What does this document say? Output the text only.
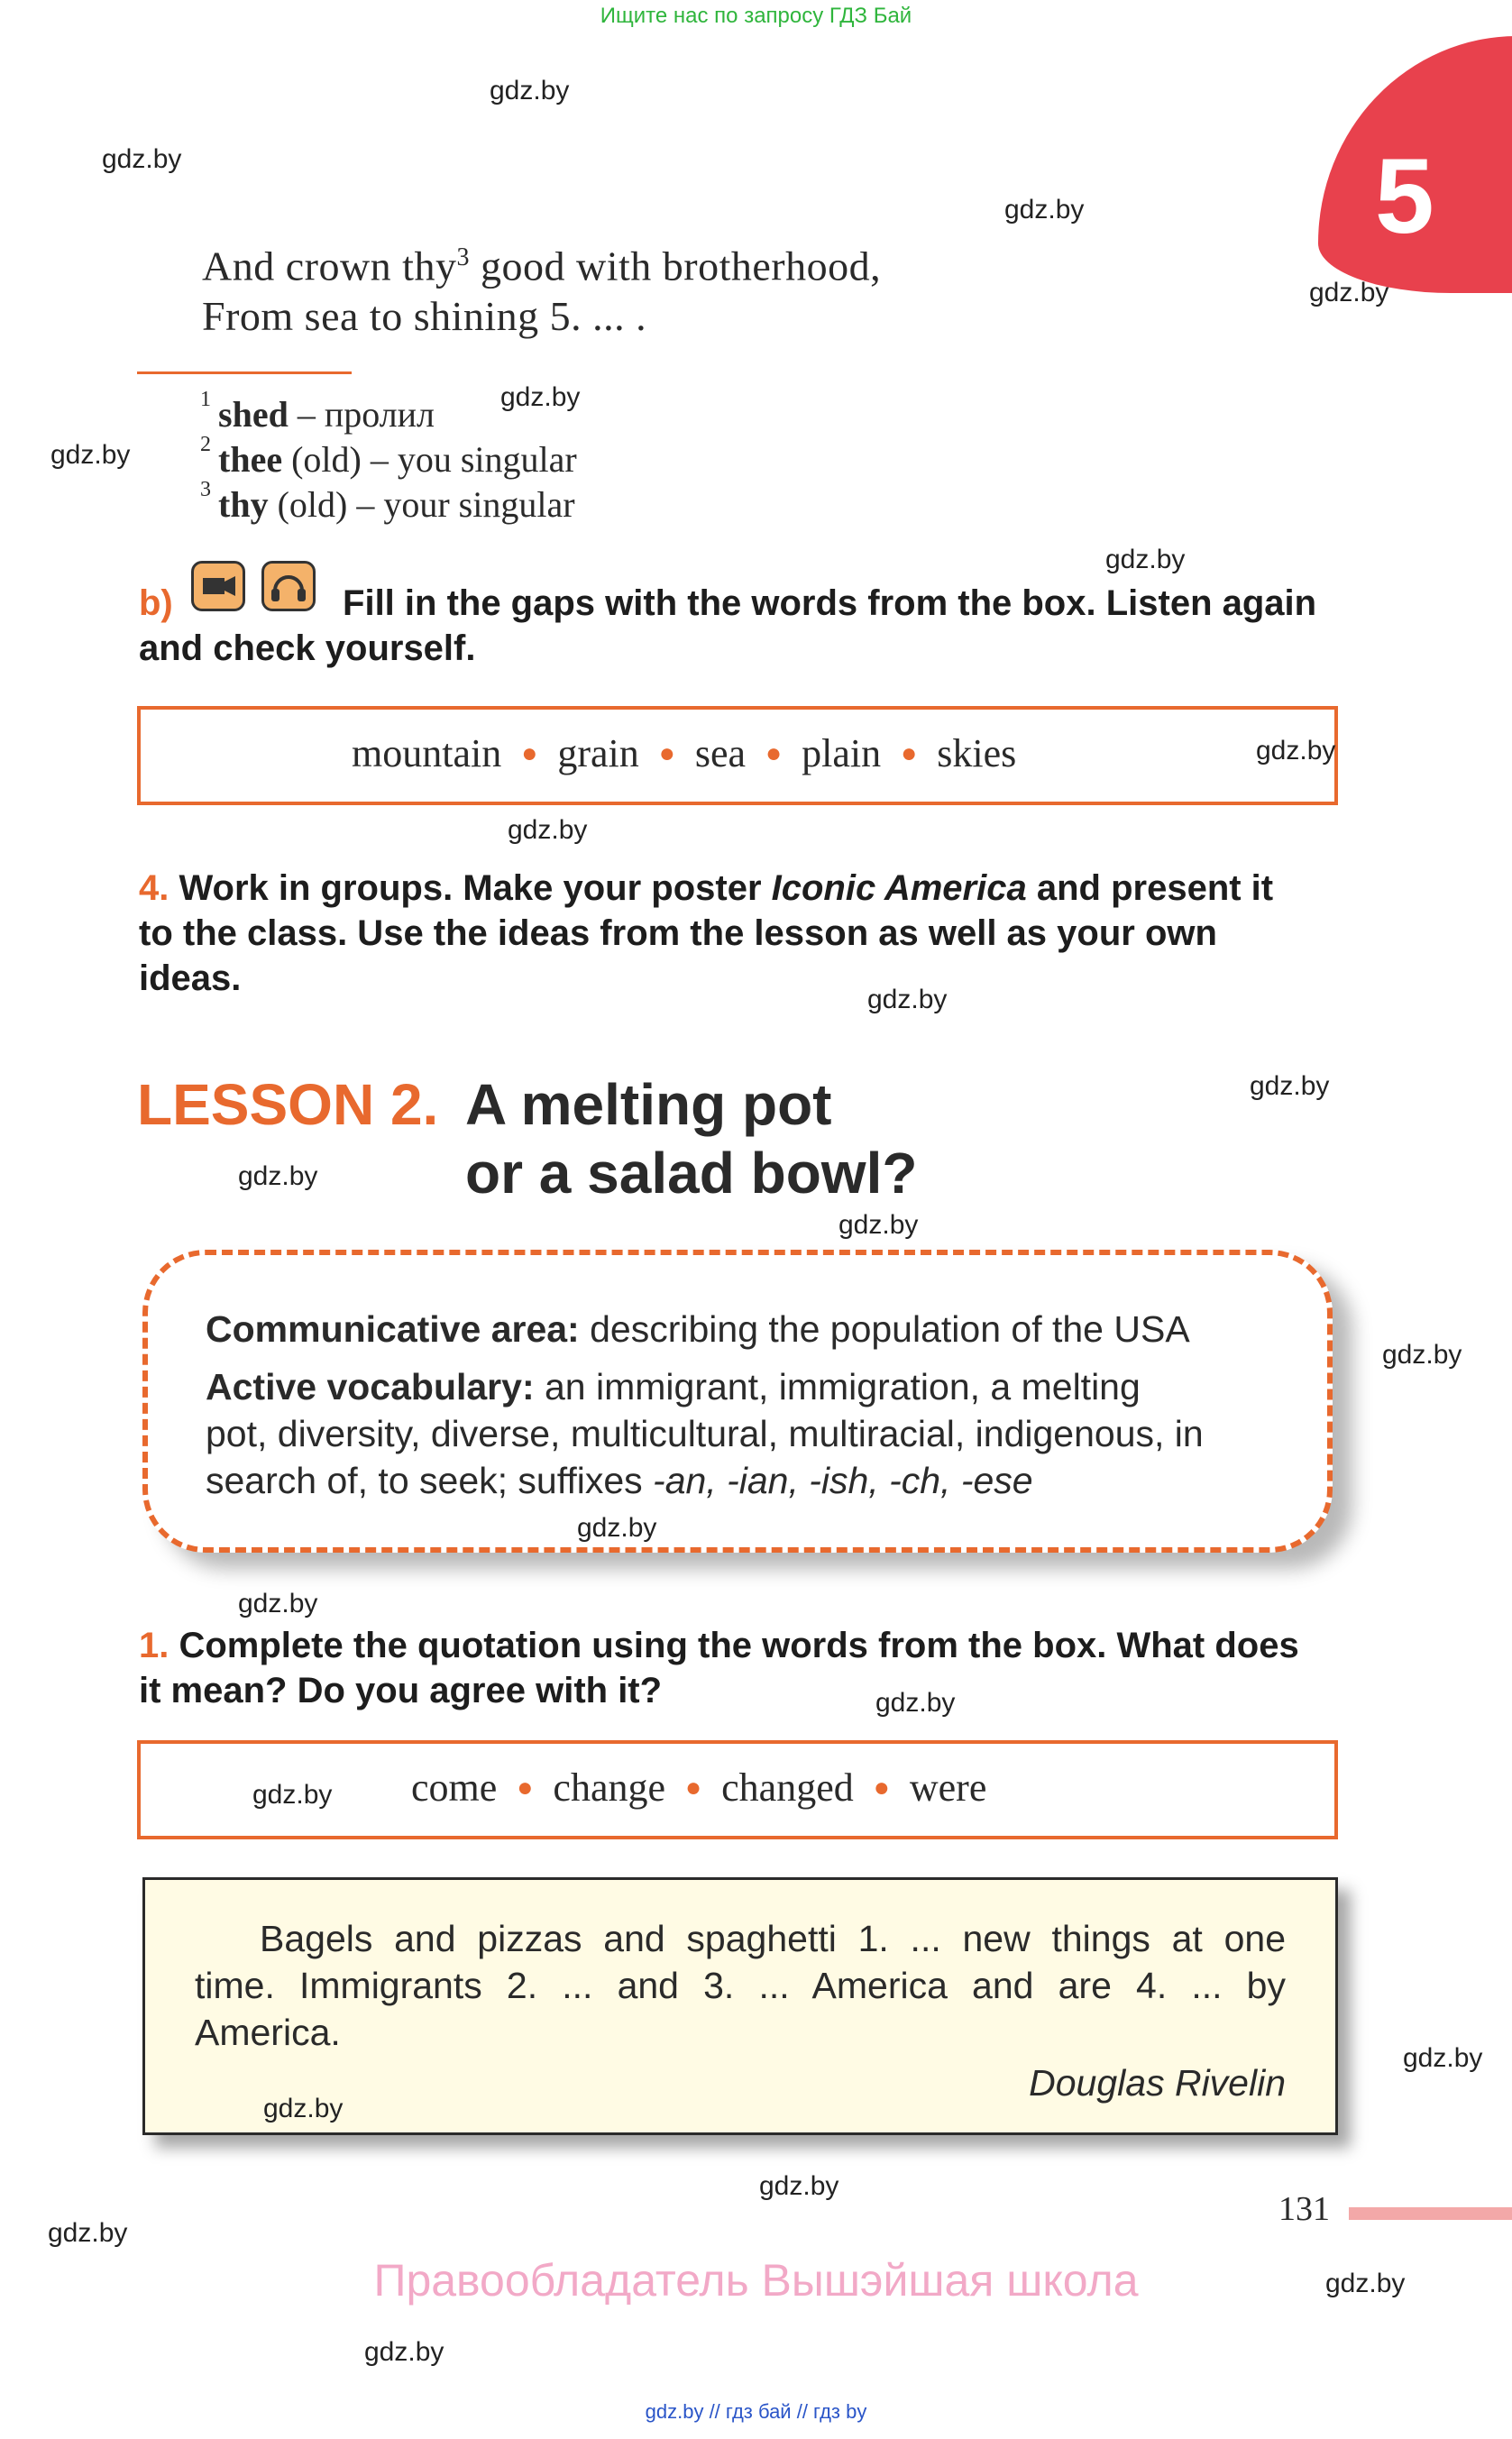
Ищите нас по запросу ГДЗ Бай
5
And crown thy$^3$ good with brotherhood,
From sea to shining 5. ... .
$^1$ shed – пролил
$^2$ thee (old) – you singular
$^3$ thy (old) – your singular
b)	Fill in the gaps with the words from the box. Listen again
and check yourself.
mountain ● grain ● sea ● plain ● skies
4. Work in groups. Make your poster Iconic America and present it
to the class. Use the ideas from the lesson as well as your own
ideas.
LESSON 2. A melting pot
or a salad bowl?
Communicative area: describing the population of the USA
Active vocabulary: an immigrant, immigration, a melting
pot, diversity, diverse, multicultural, multiracial, indigenous, in
search of, to seek; suffixes -an, -ian, -ish, -ch, -ese
1. Complete the quotation using the words from the box. What does
it mean? Do you agree with it?
come ● change ● changed ● were
Bagels and pizzas and spaghetti 1. ... new things at one
time. Immigrants 2. ... and 3. ... America and are 4. ... by
America.
Douglas Rivelin
131
Правообладатель Вышэйшая школа
gdz.by
gdz.by
gdz.by
gdz.by
gdz.by
gdz.by
gdz.by
gdz.by
gdz.by
gdz.by
gdz.by
gdz.by
gdz.by
gdz.by
gdz.by
gdz.by
gdz.by
gdz.by
gdz.by
gdz.by
gdz.by
gdz.by
gdz.by
gdz.by
gdz.by // гдз бай // гдз by
